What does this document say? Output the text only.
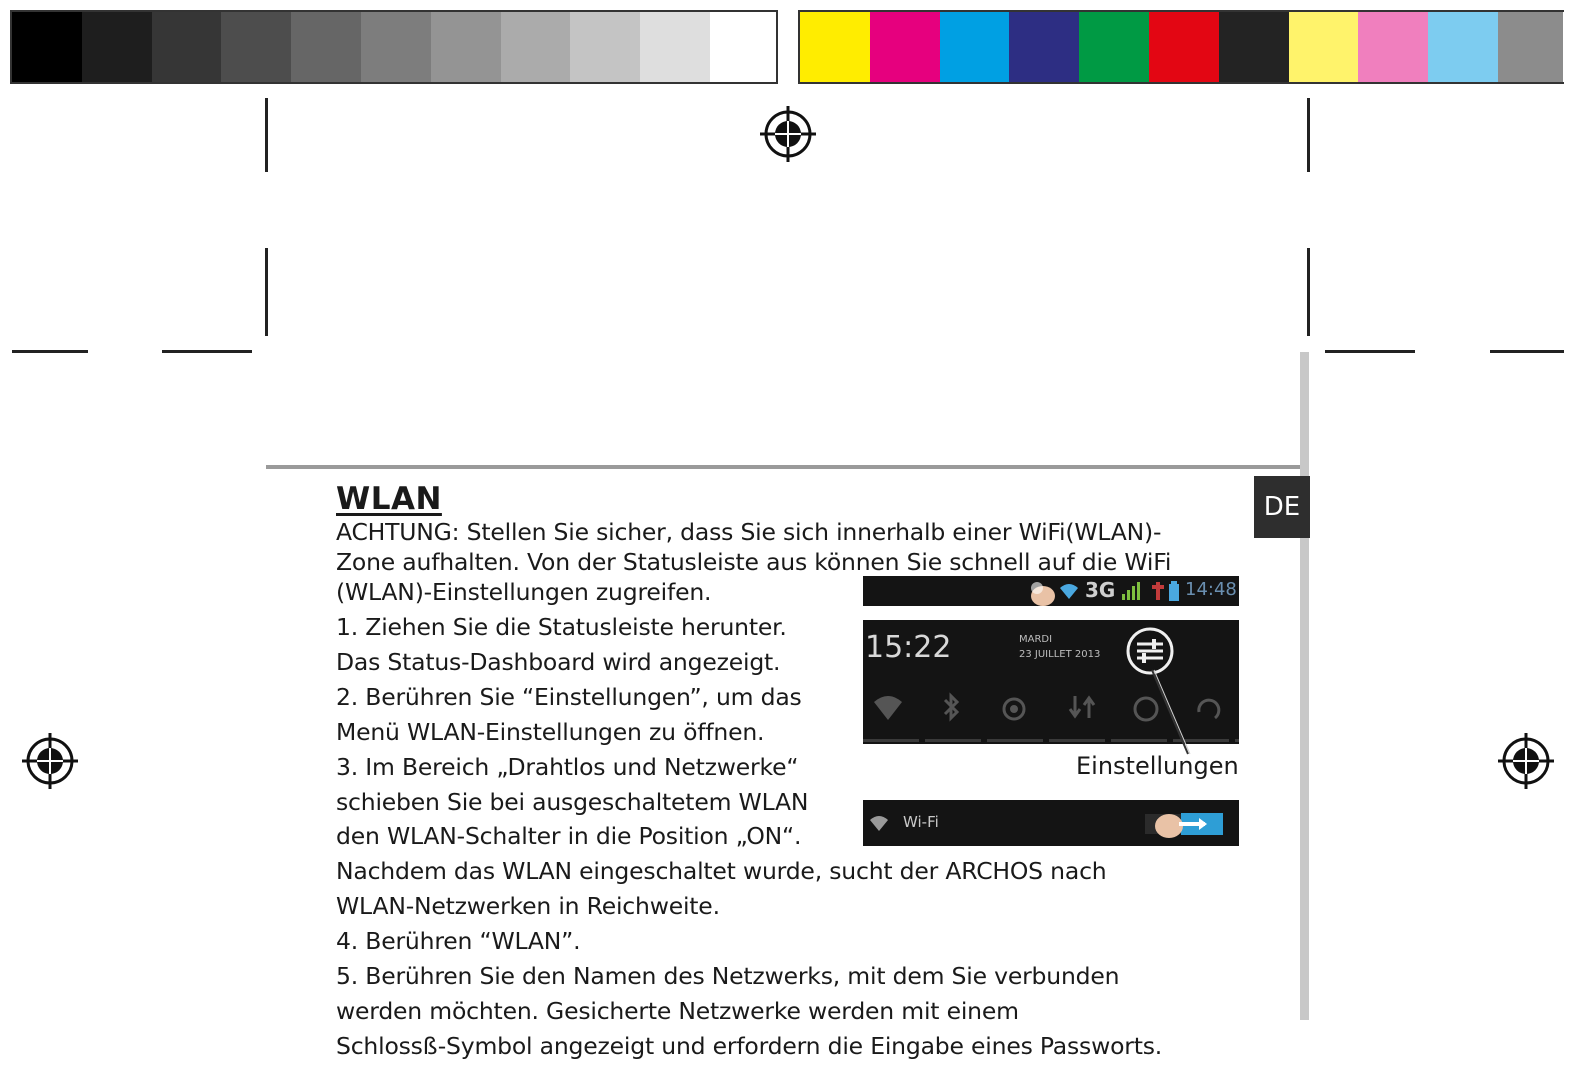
DE
WLAN
ACHTUNG: Stellen Sie sicher, dass Sie sich innerhalb einer WiFi(WLAN)-
Zone aufhalten. Von der Statusleiste aus können Sie schnell auf die WiFi
(WLAN)-Einstellungen zugreifen.
1. Ziehen Sie die Statusleiste herunter.
Das Status-Dashboard wird angezeigt.
2. Berühren Sie “Einstellungen”, um das
Menü WLAN-Einstellungen zu öffnen.
3. Im Bereich „Drahtlos und Netzwerke“
schieben Sie bei ausgeschaltetem WLAN
den WLAN-Schalter in die Position „ON“.
Nachdem das WLAN eingeschaltet wurde, sucht der ARCHOS nach
WLAN-Netzwerken in Reichweite.
4. Berühren “WLAN”.
5. Berühren Sie den Namen des Netzwerks, mit dem Sie verbunden
werden möchten. Gesicherte Netzwerke werden mit einem
Schlossß-Symbol angezeigt und erfordern die Eingabe eines Passworts.
3G	14:48
15:22	MARDI
23 JUILLET 2013
Einstellungen
Wi-Fi
